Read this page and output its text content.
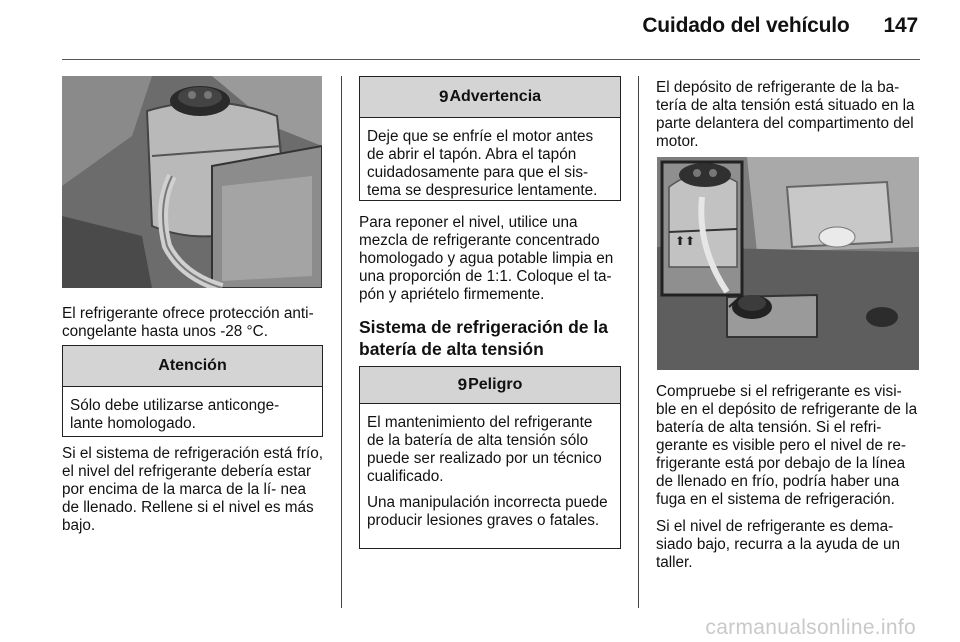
Cuidado del vehículo 147

El refrigerante ofrece protección anti- congelante hasta unos -28 °C.

Atención
Sólo debe utilizarse anticonge- lante homologado.

Si el sistema de refrigeración está frío, el nivel del refrigerante debería estar por encima de la marca de la lí- nea de llenado. Rellene si el nivel es más bajo.

9 Advertencia
Deje que se enfríe el motor antes de abrir el tapón. Abra el tapón cuidadosamente para que el sis- tema se despresurice lentamente.

Para reponer el nivel, utilice una mezcla de refrigerante concentrado homologado y agua potable limpia en una proporción de 1:1. Coloque el ta- pón y apriételo firmemente.

Sistema de refrigeración de la batería de alta tensión
9 Peligro

El mantenimiento del refrigerante de la batería de alta tensión sólo puede ser realizado por un técnico cualificado.

Una manipulación incorrecta puede producir lesiones graves o fatales.

El depósito de refrigerante de la ba- tería de alta tensión está situado en la parte delantera del compartimento del motor.

⬆⬆

Compruebe si el refrigerante es visi- ble en el depósito de refrigerante de la batería de alta tensión. Si el refri- gerante es visible pero el nivel de re- frigerante está por debajo de la línea de llenado en frío, podría haber una fuga en el sistema de refrigeración.

Si el nivel de refrigerante es dema- siado bajo, recurra a la ayuda de un taller.

carmanualsonline.info
